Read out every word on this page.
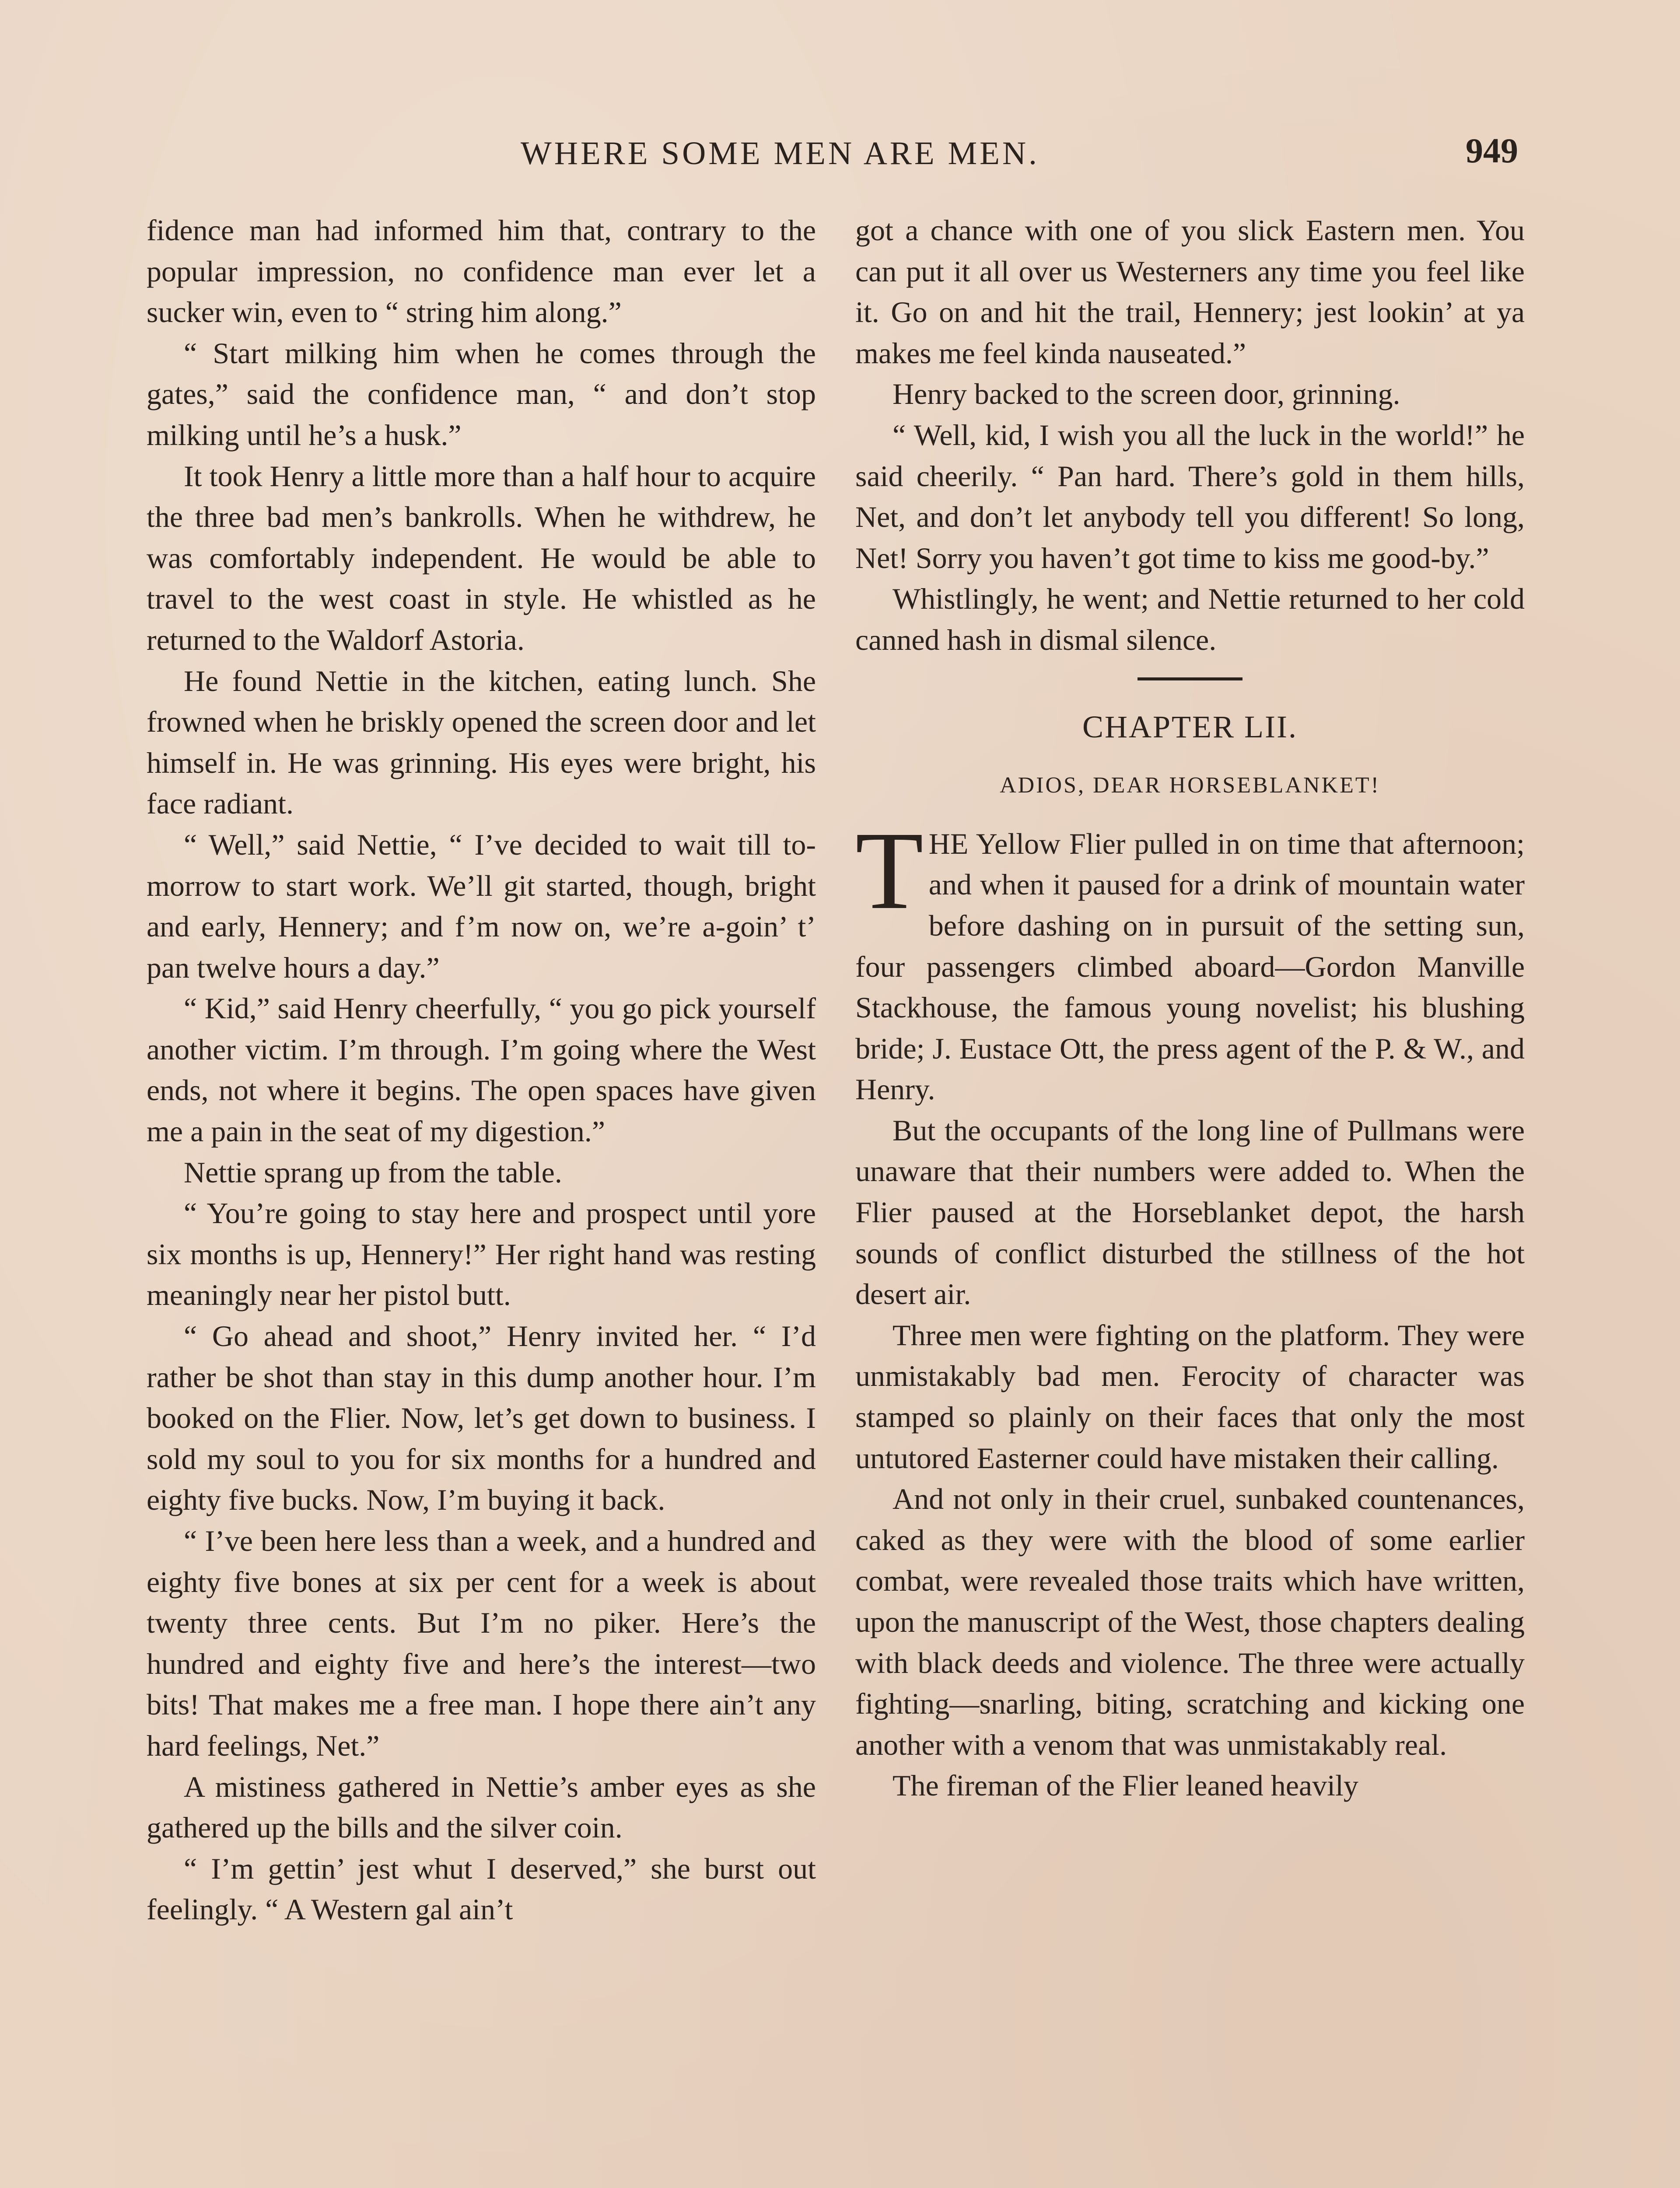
WHERE SOME MEN ARE MEN.	949

fidence man had informed him that, contrary to the popular impression, no confidence man ever let a sucker win, even to “ string him along.”

“ Start milking him when he comes through the gates,” said the confidence man, “ and don’t stop milking until he’s a husk.”

It took Henry a little more than a half hour to acquire the three bad men’s bankrolls. When he withdrew, he was comfortably independent. He would be able to travel to the west coast in style. He whistled as he returned to the Waldorf Astoria.

He found Nettie in the kitchen, eating lunch. She frowned when he briskly opened the screen door and let himself in. He was grinning. His eyes were bright, his face radiant.

“ Well,” said Nettie, “ I’ve decided to wait till to-morrow to start work. We’ll git started, though, bright and early, Hennery; and f’m now on, we’re a-goin’ t’ pan twelve hours a day.”

“ Kid,” said Henry cheerfully, “ you go pick yourself another victim. I’m through. I’m going where the West ends, not where it begins. The open spaces have given me a pain in the seat of my digestion.”

Nettie sprang up from the table.

“ You’re going to stay here and prospect until yore six months is up, Hennery!” Her right hand was resting meaningly near her pistol butt.

“ Go ahead and shoot,” Henry invited her. “ I’d rather be shot than stay in this dump another hour. I’m booked on the Flier. Now, let’s get down to business. I sold my soul to you for six months for a hundred and eighty five bucks. Now, I’m buying it back.

“ I’ve been here less than a week, and a hundred and eighty five bones at six per cent for a week is about twenty three cents. But I’m no piker. Here’s the hundred and eighty five and here’s the interest—two bits! That makes me a free man. I hope there ain’t any hard feelings, Net.”

A mistiness gathered in Nettie’s amber eyes as she gathered up the bills and the silver coin.

“ I’m gettin’ jest whut I deserved,” she burst out feelingly. “ A Western gal ain’t

got a chance with one of you slick Eastern men. You can put it all over us Westerners any time you feel like it. Go on and hit the trail, Hennery; jest lookin’ at ya makes me feel kinda nauseated.”

Henry backed to the screen door, grinning.

“ Well, kid, I wish you all the luck in the world!” he said cheerily. “ Pan hard. There’s gold in them hills, Net, and don’t let anybody tell you different! So long, Net! Sorry you haven’t got time to kiss me good-by.”

Whistlingly, he went; and Nettie returned to her cold canned hash in dismal silence.

CHAPTER LII.
ADIOS, DEAR HORSEBLANKET!

THE Yellow Flier pulled in on time that afternoon; and when it paused for a drink of mountain water before dashing on in pursuit of the setting sun, four passengers climbed aboard—Gordon Manville Stackhouse, the famous young novelist; his blushing bride; J. Eustace Ott, the press agent of the P. & W., and Henry.

But the occupants of the long line of Pullmans were unaware that their numbers were added to. When the Flier paused at the Horseblanket depot, the harsh sounds of conflict disturbed the stillness of the hot desert air.

Three men were fighting on the platform. They were unmistakably bad men. Ferocity of character was stamped so plainly on their faces that only the most untutored Easterner could have mistaken their calling.

And not only in their cruel, sunbaked countenances, caked as they were with the blood of some earlier combat, were revealed those traits which have written, upon the manuscript of the West, those chapters dealing with black deeds and violence. The three were actually fighting—snarling, biting, scratching and kicking one another with a venom that was unmistakably real.

The fireman of the Flier leaned heavily
